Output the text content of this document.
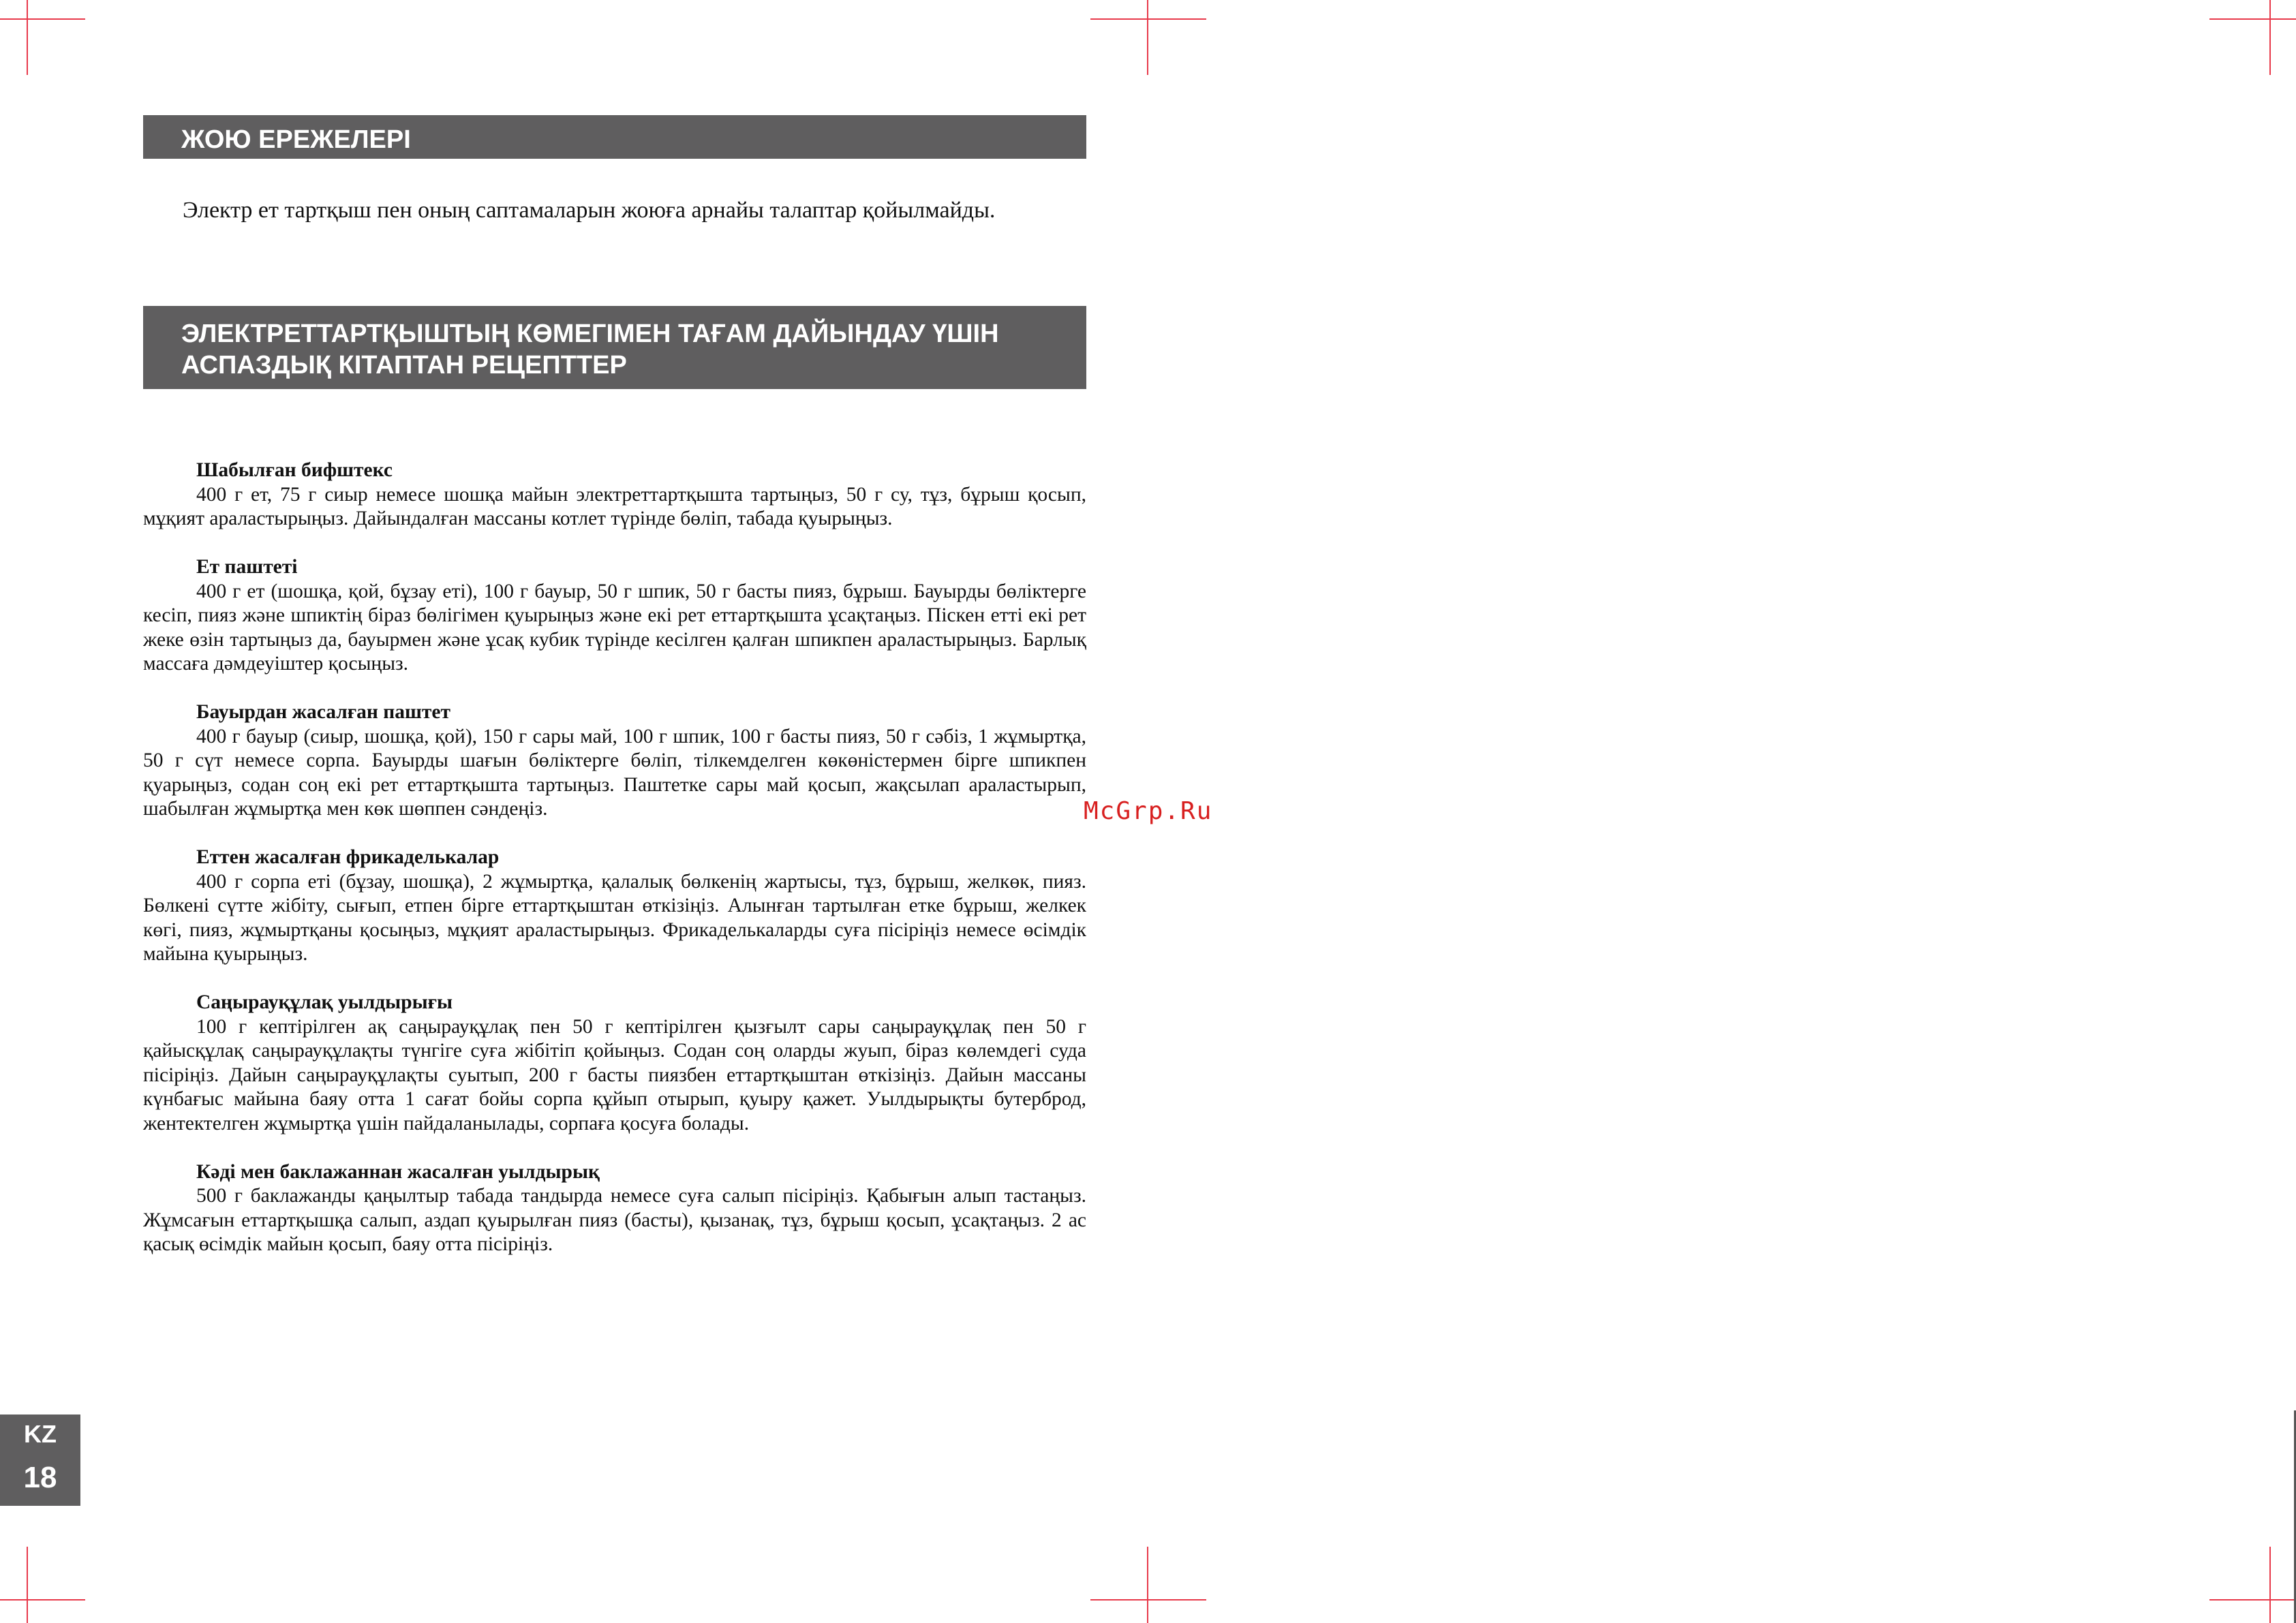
ЖОЮ ЕРЕЖЕЛЕРІ
Электр ет тартқыш пен оның саптамаларын жоюға арнайы талаптар қойылмайды.
ЭЛЕКТРЕТТАРТҚЫШТЫҢ КӨМЕГІМЕН ТАҒАМ ДАЙЫНДАУ ҮШІН
АСПАЗДЫҚ КІТАПТАН РЕЦЕПТТЕР
Шабылған бифштекс

400 г ет, 75 г сиыр немесе шошқа майын электреттартқышта тартыңыз, 50 г су, тұз, бұрыш қосып, мұқият араластырыңыз. Дайындалған массаны котлет түрінде бөліп, табада қуырыңыз.

Ет паштеті

400 г ет (шошқа, қой, бұзау еті), 100 г бауыр, 50 г шпик, 50 г басты пияз, бұрыш. Бауырды бөліктерге кесіп, пияз және шпиктің біраз бөлігімен қуырыңыз және екі рет еттартқышта ұсақтаңыз. Піскен етті екі рет жеке өзін тартыңыз да, бауырмен және ұсақ кубик түрінде кесілген қалған шпикпен араластырыңыз. Барлық массаға дәмдеуіштер қосыңыз.

Бауырдан жасалған паштет

400 г бауыр (сиыр, шошқа, қой), 150 г сары май, 100 г шпик, 100 г басты пияз, 50 г сәбіз, 1 жұмыртқа, 50 г сүт немесе сорпа. Бауырды шағын бөліктерге бөліп, тілкемделген көкөністермен бірге шпикпен қуарыңыз, содан соң екі рет еттартқышта тартыңыз. Паштетке сары май қосып, жақсылап араластырып, шабылған жұмыртқа мен көк шөппен сәндеңіз.

Еттен жасалған фрикаделькалар

400 г сорпа еті (бұзау, шошқа), 2 жұмыртқа, қалалық бөлкенің жартысы, тұз, бұрыш, желкөк, пияз. Бөлкені сүтте жібіту, сығып, етпен бірге еттартқыштан өткізіңіз. Алынған тартылған етке бұрыш, желкек көгі, пияз, жұмыртқаны қосыңыз, мұқият араластырыңыз. Фрикаделькаларды суға пісіріңіз немесе өсімдік майына қуырыңыз.

Саңырауқұлақ уылдырығы

100 г кептірілген ақ саңырауқұлақ пен 50 г кептірілген қызғылт сары саңырауқұлақ пен 50 г қайысқұлақ саңырауқұлақты түнгіге суға жібітіп қойыңыз. Содан соң оларды жуып, біраз көлемдегі суда пісіріңіз. Дайын саңырауқұлақты суытып, 200 г басты пиязбен еттартқыштан өткізіңіз. Дайын массаны күнбағыс майына баяу отта 1 сағат бойы сорпа құйып отырып, қуыру қажет. Уылдырықты бутерброд, жентектелген жұмыртқа үшін пайдаланылады, сорпаға қосуға болады.

Кәді мен баклажаннан жасалған уылдырық

500 г баклажанды қаңылтыр табада тандырда немесе суға салып пісіріңіз. Қабығын алып тастаңыз. Жұмсағын еттартқышқа салып, аздап қуырылған пияз (басты), қызанақ, тұз, бұрыш қосып, ұсақтаңыз. 2 ас қасық өсімдік майын қосып, баяу отта пісіріңіз.

McGrp.Ru
KZ
18
